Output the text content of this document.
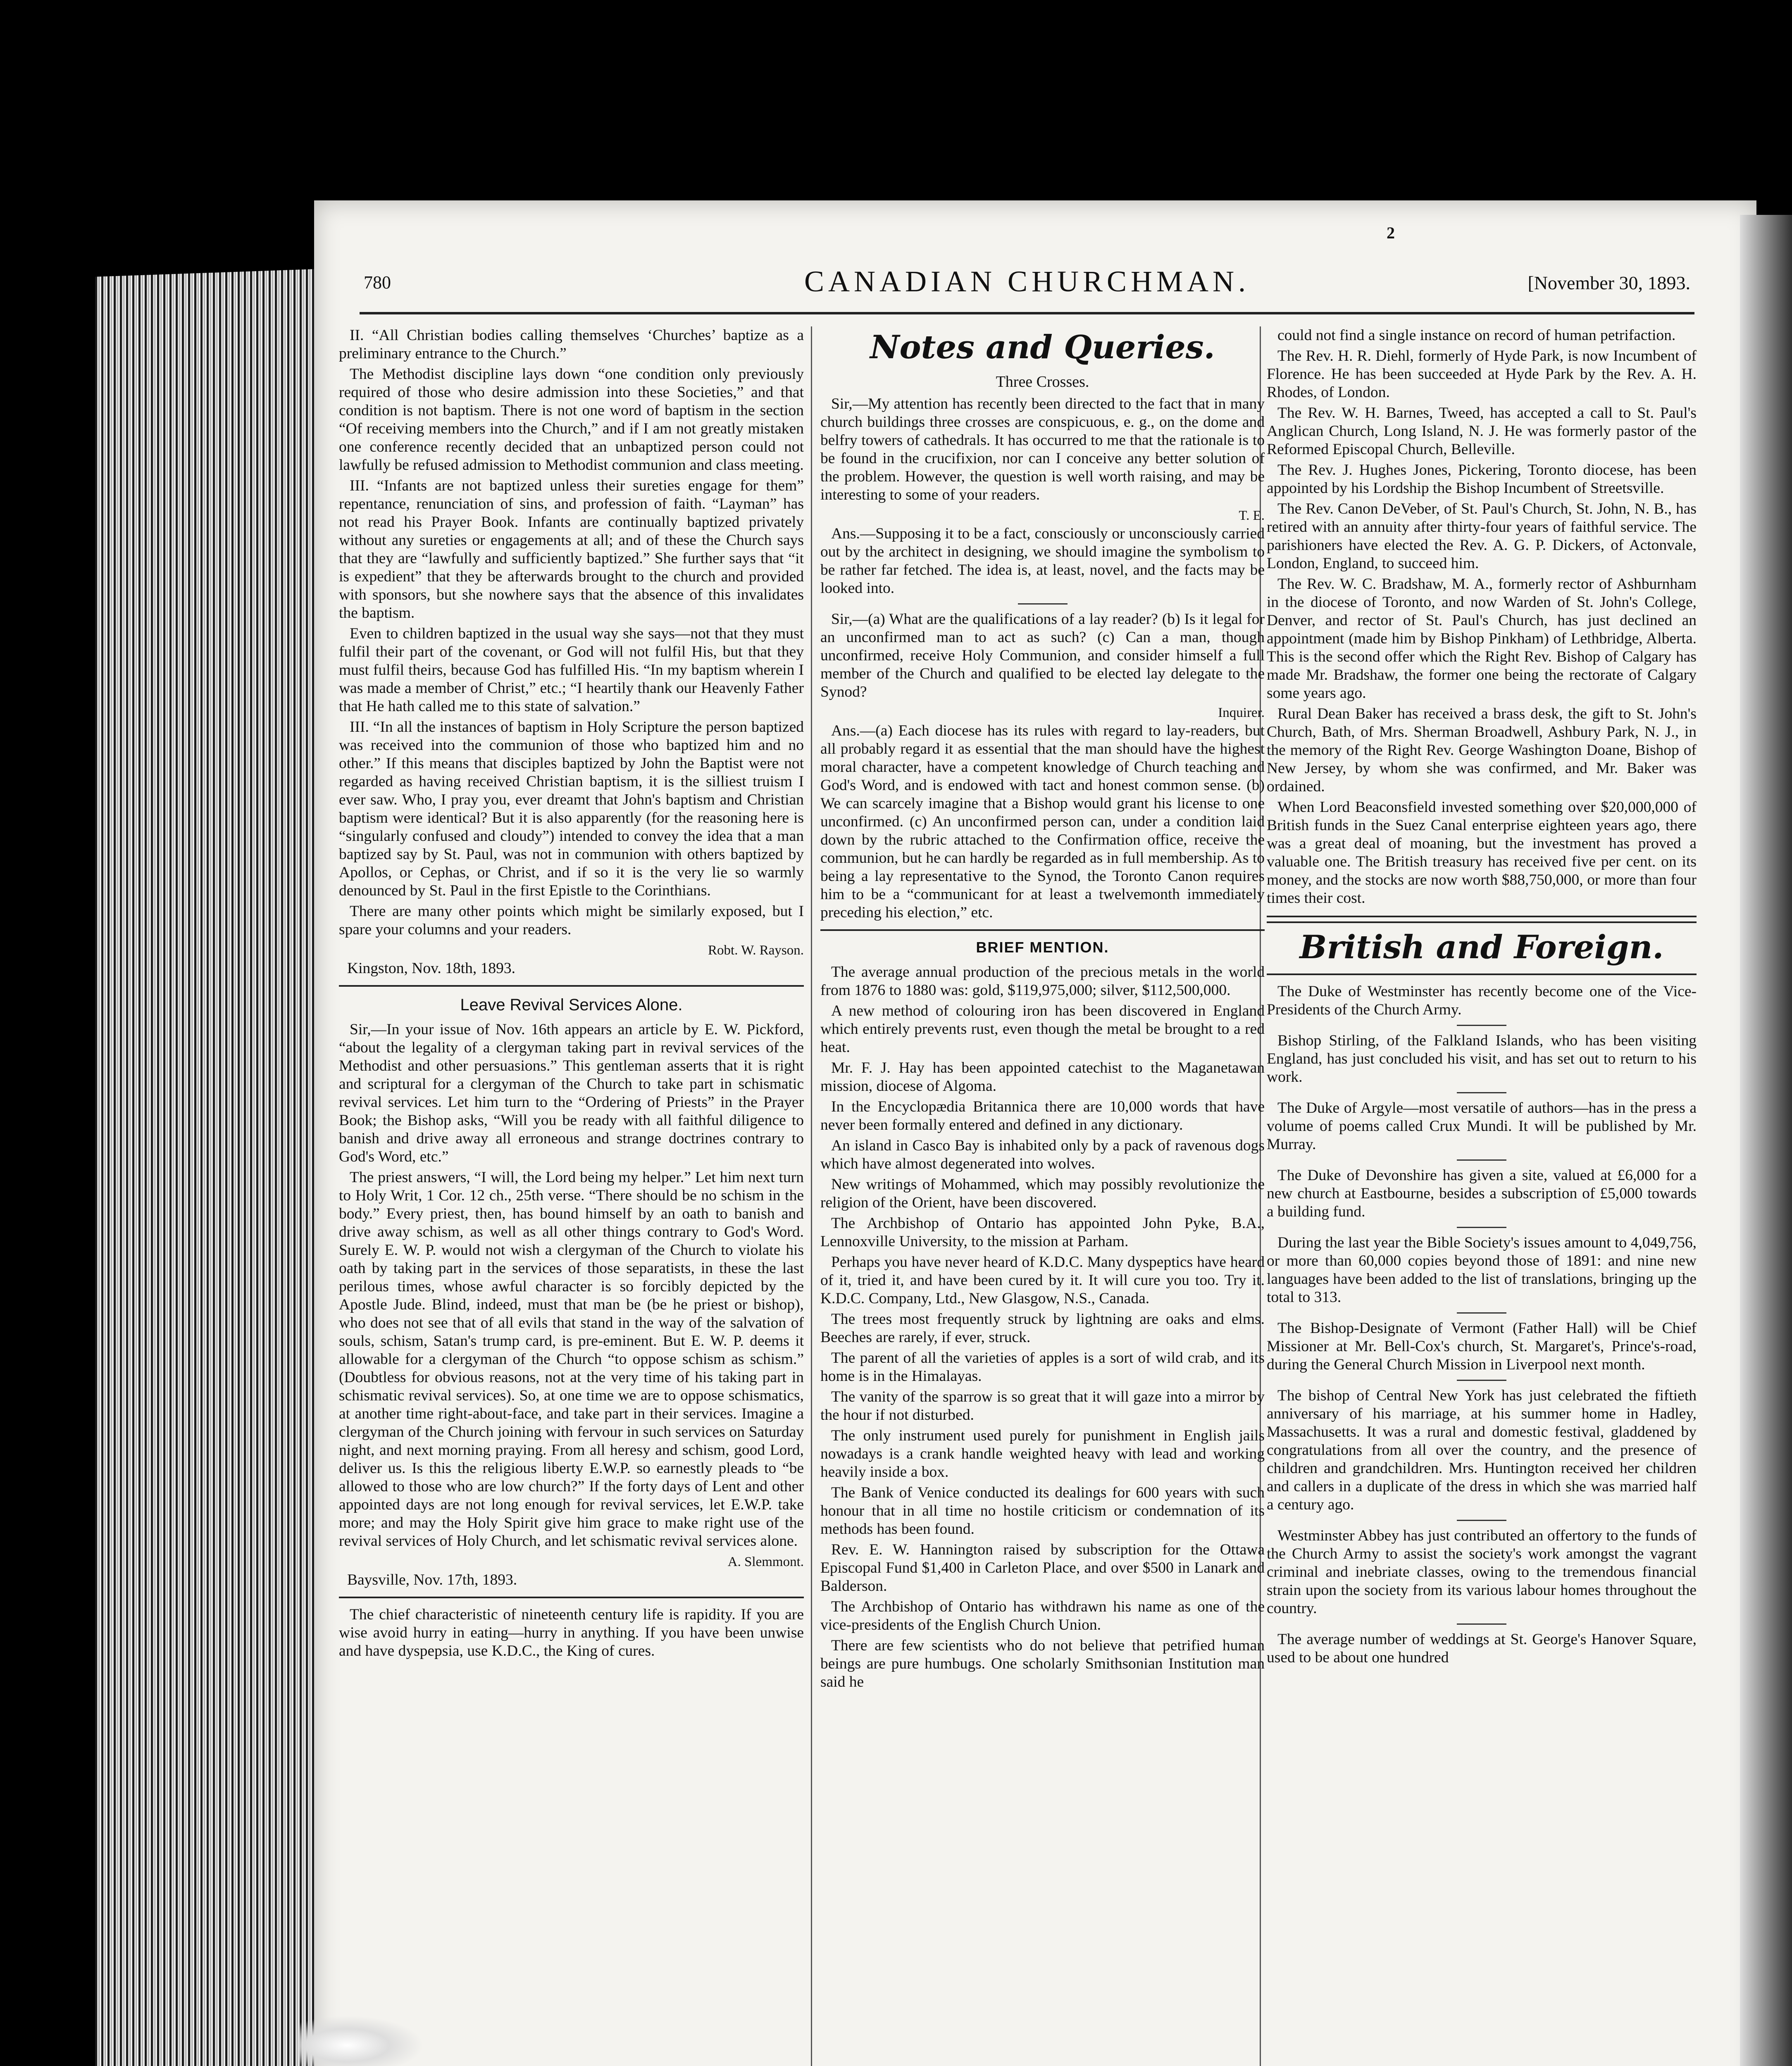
2
780	CANADIAN CHURCHMAN.	[November 30, 1893.

II. “All Christian bodies calling themselves ‘Churches’ baptize as a preliminary entrance to the Church.”

The Methodist discipline lays down “one condition only previously required of those who desire admission into these Societies,” and that condition is not baptism. There is not one word of baptism in the section “Of receiving members into the Church,” and if I am not greatly mistaken one conference recently decided that an unbaptized person could not lawfully be refused admission to Methodist communion and class meeting.

III. “Infants are not baptized unless their sureties engage for them” repentance, renunciation of sins, and profession of faith. “Layman” has not read his Prayer Book. Infants are continually baptized privately without any sureties or engagements at all; and of these the Church says that they are “lawfully and sufficiently baptized.” She further says that “it is expedient” that they be afterwards brought to the church and provided with sponsors, but she nowhere says that the absence of this invalidates the baptism.

Even to children baptized in the usual way she says—not that they must fulfil their part of the covenant, or God will not fulfil His, but that they must fulfil theirs, because God has fulfilled His. “In my baptism wherein I was made a member of Christ,” etc.; “I heartily thank our Heavenly Father that He hath called me to this state of salvation.”

III. “In all the instances of baptism in Holy Scripture the person baptized was received into the communion of those who baptized him and no other.” If this means that disciples baptized by John the Baptist were not regarded as having received Christian baptism, it is the silliest truism I ever saw. Who, I pray you, ever dreamt that John's baptism and Christian baptism were identical? But it is also apparently (for the reasoning here is “singularly confused and cloudy”) intended to convey the idea that a man baptized say by St. Paul, was not in communion with others baptized by Apollos, or Cephas, or Christ, and if so it is the very lie so warmly denounced by St. Paul in the first Epistle to the Corinthians.

There are many other points which might be similarly exposed, but I spare your columns and your readers.

Robt. W. Rayson.

Kingston, Nov. 18th, 1893.

Leave Revival Services Alone.

Sir,—In your issue of Nov. 16th appears an article by E. W. Pickford, “about the legality of a clergyman taking part in revival services of the Methodist and other persuasions.” This gentleman asserts that it is right and scriptural for a clergyman of the Church to take part in schismatic revival services. Let him turn to the “Ordering of Priests” in the Prayer Book; the Bishop asks, “Will you be ready with all faithful diligence to banish and drive away all erroneous and strange doctrines contrary to God's Word, etc.”

The priest answers, “I will, the Lord being my helper.” Let him next turn to Holy Writ, 1 Cor. 12 ch., 25th verse. “There should be no schism in the body.” Every priest, then, has bound himself by an oath to banish and drive away schism, as well as all other things contrary to God's Word. Surely E. W. P. would not wish a clergyman of the Church to violate his oath by taking part in the services of those separatists, in these the last perilous times, whose awful character is so forcibly depicted by the Apostle Jude. Blind, indeed, must that man be (be he priest or bishop), who does not see that of all evils that stand in the way of the salvation of souls, schism, Satan's trump card, is pre-eminent. But E. W. P. deems it allowable for a clergyman of the Church “to oppose schism as schism.” (Doubtless for obvious reasons, not at the very time of his taking part in schismatic revival services). So, at one time we are to oppose schismatics, at another time right-about-face, and take part in their services. Imagine a clergyman of the Church joining with fervour in such services on Saturday night, and next morning praying. From all heresy and schism, good Lord, deliver us. Is this the religious liberty E.W.P. so earnestly pleads to “be allowed to those who are low church?” If the forty days of Lent and other appointed days are not long enough for revival services, let E.W.P. take more; and may the Holy Spirit give him grace to make right use of the revival services of Holy Church, and let schismatic revival services alone.

A. Slemmont.

Baysville, Nov. 17th, 1893.

The chief characteristic of nineteenth century life is rapidity. If you are wise avoid hurry in eating—hurry in anything. If you have been unwise and have dyspepsia, use K.D.C., the King of cures.

Notes and Queries.
Three Crosses.

Sir,—My attention has recently been directed to the fact that in many church buildings three crosses are conspicuous, e. g., on the dome and belfry towers of cathedrals. It has occurred to me that the rationale is to be found in the crucifixion, nor can I conceive any better solution of the problem. However, the question is well worth raising, and may be interesting to some of your readers.

T. E.

Ans.—Supposing it to be a fact, consciously or unconsciously carried out by the architect in designing, we should imagine the symbolism to be rather far fetched. The idea is, at least, novel, and the facts may be looked into.

Sir,—(a) What are the qualifications of a lay reader? (b) Is it legal for an unconfirmed man to act as such? (c) Can a man, though unconfirmed, receive Holy Communion, and consider himself a full member of the Church and qualified to be elected lay delegate to the Synod?

Inquirer.

Ans.—(a) Each diocese has its rules with regard to lay-readers, but all probably regard it as essential that the man should have the highest moral character, have a competent knowledge of Church teaching and God's Word, and is endowed with tact and honest common sense. (b) We can scarcely imagine that a Bishop would grant his license to one unconfirmed. (c) An unconfirmed person can, under a condition laid down by the rubric attached to the Confirmation office, receive the communion, but he can hardly be regarded as in full membership. As to being a lay representative to the Synod, the Toronto Canon requires him to be a “communicant for at least a twelvemonth immediately preceding his election,” etc.

BRIEF MENTION.

The average annual production of the precious metals in the world from 1876 to 1880 was: gold, $119,975,000; silver, $112,500,000.

A new method of colouring iron has been discovered in England which entirely prevents rust, even though the metal be brought to a red heat.

Mr. F. J. Hay has been appointed catechist to the Maganetawan mission, diocese of Algoma.

In the Encyclopædia Britannica there are 10,000 words that have never been formally entered and defined in any dictionary.

An island in Casco Bay is inhabited only by a pack of ravenous dogs which have almost degenerated into wolves.

New writings of Mohammed, which may possibly revolutionize the religion of the Orient, have been discovered.

The Archbishop of Ontario has appointed John Pyke, B.A., Lennoxville University, to the mission at Parham.

Perhaps you have never heard of K.D.C. Many dyspeptics have heard of it, tried it, and have been cured by it. It will cure you too. Try it. K.D.C. Company, Ltd., New Glasgow, N.S., Canada.

The trees most frequently struck by lightning are oaks and elms. Beeches are rarely, if ever, struck.

The parent of all the varieties of apples is a sort of wild crab, and its home is in the Himalayas.

The vanity of the sparrow is so great that it will gaze into a mirror by the hour if not disturbed.

The only instrument used purely for punishment in English jails nowadays is a crank handle weighted heavy with lead and working heavily inside a box.

The Bank of Venice conducted its dealings for 600 years with such honour that in all time no hostile criticism or condemnation of its methods has been found.

Rev. E. W. Hannington raised by subscription for the Ottawa Episcopal Fund $1,400 in Carleton Place, and over $500 in Lanark and Balderson.

The Archbishop of Ontario has withdrawn his name as one of the vice-presidents of the English Church Union.

There are few scientists who do not believe that petrified human beings are pure humbugs. One scholarly Smithsonian Institution man said he

could not find a single instance on record of human petrifaction.

The Rev. H. R. Diehl, formerly of Hyde Park, is now Incumbent of Florence. He has been succeeded at Hyde Park by the Rev. A. H. Rhodes, of London.

The Rev. W. H. Barnes, Tweed, has accepted a call to St. Paul's Anglican Church, Long Island, N. J. He was formerly pastor of the Reformed Episcopal Church, Belleville.

The Rev. J. Hughes Jones, Pickering, Toronto diocese, has been appointed by his Lordship the Bishop Incumbent of Streetsville.

The Rev. Canon DeVeber, of St. Paul's Church, St. John, N. B., has retired with an annuity after thirty-four years of faithful service. The parishioners have elected the Rev. A. G. P. Dickers, of Actonvale, London, England, to succeed him.

The Rev. W. C. Bradshaw, M. A., formerly rector of Ashburnham in the diocese of Toronto, and now Warden of St. John's College, Denver, and rector of St. Paul's Church, has just declined an appointment (made him by Bishop Pinkham) of Lethbridge, Alberta. This is the second offer which the Right Rev. Bishop of Calgary has made Mr. Bradshaw, the former one being the rectorate of Calgary some years ago.

Rural Dean Baker has received a brass desk, the gift to St. John's Church, Bath, of Mrs. Sherman Broadwell, Ashbury Park, N. J., in the memory of the Right Rev. George Washington Doane, Bishop of New Jersey, by whom she was confirmed, and Mr. Baker was ordained.

When Lord Beaconsfield invested something over $20,000,000 of British funds in the Suez Canal enterprise eighteen years ago, there was a great deal of moaning, but the investment has proved a valuable one. The British treasury has received five per cent. on its money, and the stocks are now worth $88,750,000, or more than four times their cost.

British and Foreign.

The Duke of Westminster has recently become one of the Vice-Presidents of the Church Army.

Bishop Stirling, of the Falkland Islands, who has been visiting England, has just concluded his visit, and has set out to return to his work.

The Duke of Argyle—most versatile of authors—has in the press a volume of poems called Crux Mundi. It will be published by Mr. Murray.

The Duke of Devonshire has given a site, valued at £6,000 for a new church at Eastbourne, besides a subscription of £5,000 towards a building fund.

During the last year the Bible Society's issues amount to 4,049,756, or more than 60,000 copies beyond those of 1891: and nine new languages have been added to the list of translations, bringing up the total to 313.

The Bishop-Designate of Vermont (Father Hall) will be Chief Missioner at Mr. Bell-Cox's church, St. Margaret's, Prince's-road, during the General Church Mission in Liverpool next month.

The bishop of Central New York has just celebrated the fiftieth anniversary of his marriage, at his summer home in Hadley, Massachusetts. It was a rural and domestic festival, gladdened by congratulations from all over the country, and the presence of children and grandchildren. Mrs. Huntington received her children and callers in a duplicate of the dress in which she was married half a century ago.

Westminster Abbey has just contributed an offertory to the funds of the Church Army to assist the society's work amongst the vagrant criminal and inebriate classes, owing to the tremendous financial strain upon the society from its various labour homes throughout the country.

The average number of weddings at St. George's Hanover Square, used to be about one hundred
